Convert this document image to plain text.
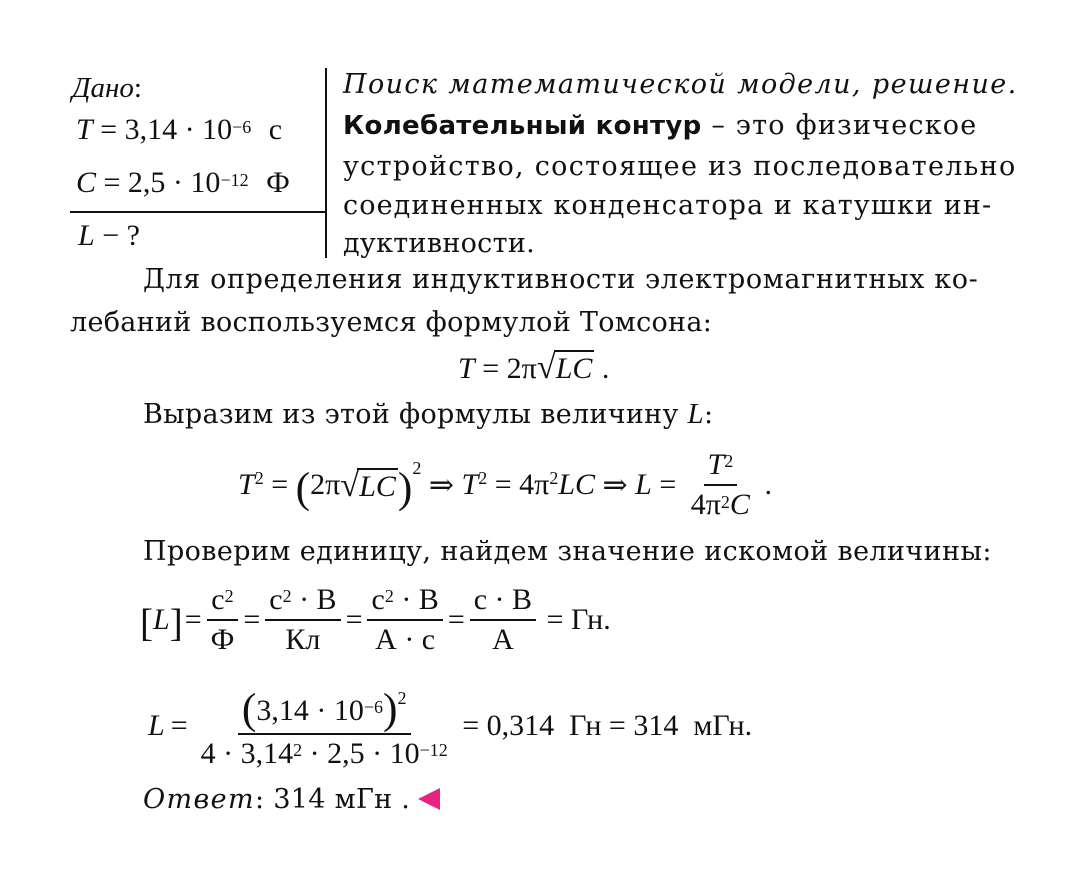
Дано:
$T = 3,14 \cdot 10^{-6}$ с
$C = 2,5 \cdot 10^{-12}$ Ф
L − ?
Поиск математической модели, решение.
Колебательный контур – это физическое
устройство, состоящее из последовательно
соединенных конденсатора и катушки ин-
дуктивности.
Для определения индуктивности электромагнитных ко-
лебаний воспользуемся формулой Томсона:
T = 2π√LC .
Выразим из этой формулы величину L:
$T^2$ = ( 2π √ LC )$^2$
⇒ $T^2 = 4\pi^2$ LC ⇒ $L = \frac{T^2}{4\pi^2C}$ .
Проверим единицу, найдем значение искомой величины:
[ L ] = $\frac{с^2}{Ф} = \frac{с^2 \cdot В}{Кл} = \frac{с^2 \cdot В}{А \cdot с} = \frac{с \cdot В}{А}$ = Гн.
$L = \frac{(3,14 \cdot 10^{-6})^2}{4 \cdot 3,14^2 \cdot 2,5 \cdot 10^{-12}} = 0,314$  Гн = 314  мГн.
Ответ: 314 мГн .
